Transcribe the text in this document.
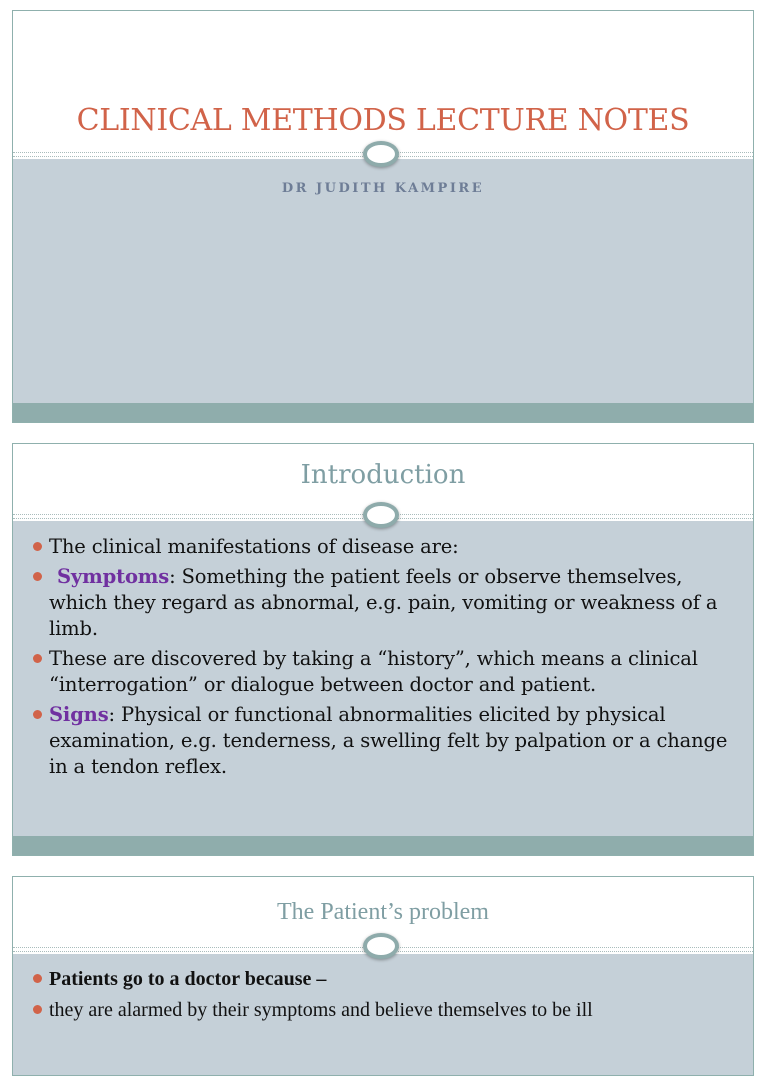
CLINICAL METHODS LECTURE NOTES
DR JUDITH KAMPIRE
Introduction
The clinical manifestations of disease are:
Symptoms: Something the patient feels or observe themselves, which they regard as abnormal, e.g. pain, vomiting or weakness of a limb.
These are discovered by taking a “history”, which means a clinical “interrogation” or dialogue between doctor and patient.
Signs: Physical or functional abnormalities elicited by physical examination, e.g. tenderness, a swelling felt by palpation or a change in a tendon reflex.
The Patient’s problem
Patients go to a doctor because –
they are alarmed by their symptoms and believe themselves to be ill
